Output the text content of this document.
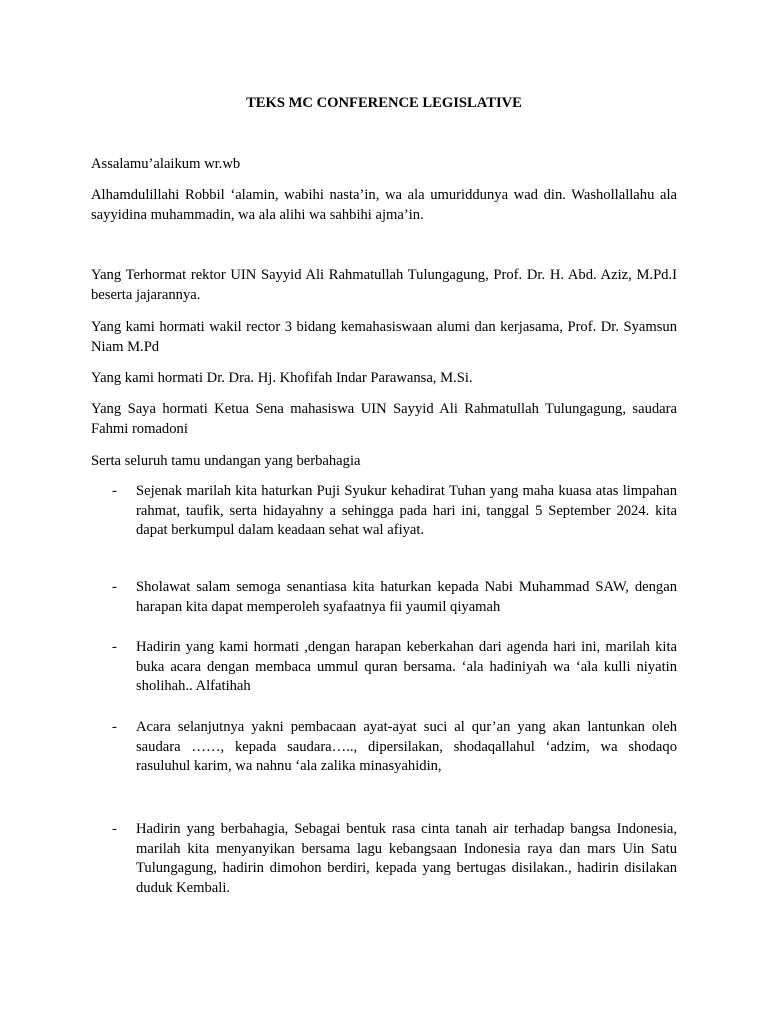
TEKS MC CONFERENCE LEGISLATIVE
Assalamu’alaikum wr.wb
Alhamdulillahi Robbil ‘alamin, wabihi nasta’in, wa ala umuriddunya wad din. Washollallahu ala sayyidina muhammadin, wa ala alihi wa sahbihi ajma’in.
Yang Terhormat rektor UIN Sayyid Ali Rahmatullah Tulungagung, Prof. Dr. H. Abd. Aziz, M.Pd.I beserta jajarannya.
Yang kami hormati wakil rector 3 bidang kemahasiswaan alumi dan kerjasama, Prof. Dr. Syamsun Niam M.Pd
Yang kami hormati Dr. Dra. Hj. Khofifah Indar Parawansa, M.Si.
Yang Saya hormati Ketua Sena mahasiswa UIN Sayyid Ali Rahmatullah Tulungagung, saudara Fahmi romadoni
Serta seluruh tamu undangan yang berbahagia
- Sejenak marilah kita haturkan Puji Syukur kehadirat Tuhan yang maha kuasa atas limpahan rahmat, taufik, serta hidayahny a sehingga pada hari ini, tanggal 5 September 2024. kita dapat berkumpul dalam keadaan sehat wal afiyat.
- Sholawat salam semoga senantiasa kita haturkan kepada Nabi Muhammad SAW, dengan harapan kita dapat memperoleh syafaatnya fii yaumil qiyamah
- Hadirin yang kami hormati ,dengan harapan keberkahan dari agenda hari ini, marilah kita buka acara dengan membaca ummul quran bersama. ‘ala hadiniyah wa ‘ala kulli niyatin sholihah.. Alfatihah
- Acara selanjutnya yakni pembacaan ayat-ayat suci al qur’an yang akan lantunkan oleh saudara ……, kepada saudara….., dipersilakan, shodaqallahul ‘adzim, wa shodaqo rasuluhul karim, wa nahnu ‘ala zalika minasyahidin,
- Hadirin yang berbahagia, Sebagai bentuk rasa cinta tanah air terhadap bangsa Indonesia, marilah kita menyanyikan bersama lagu kebangsaan Indonesia raya dan mars Uin Satu Tulungagung, hadirin dimohon berdiri, kepada yang bertugas disilakan., hadirin disilakan duduk Kembali.
